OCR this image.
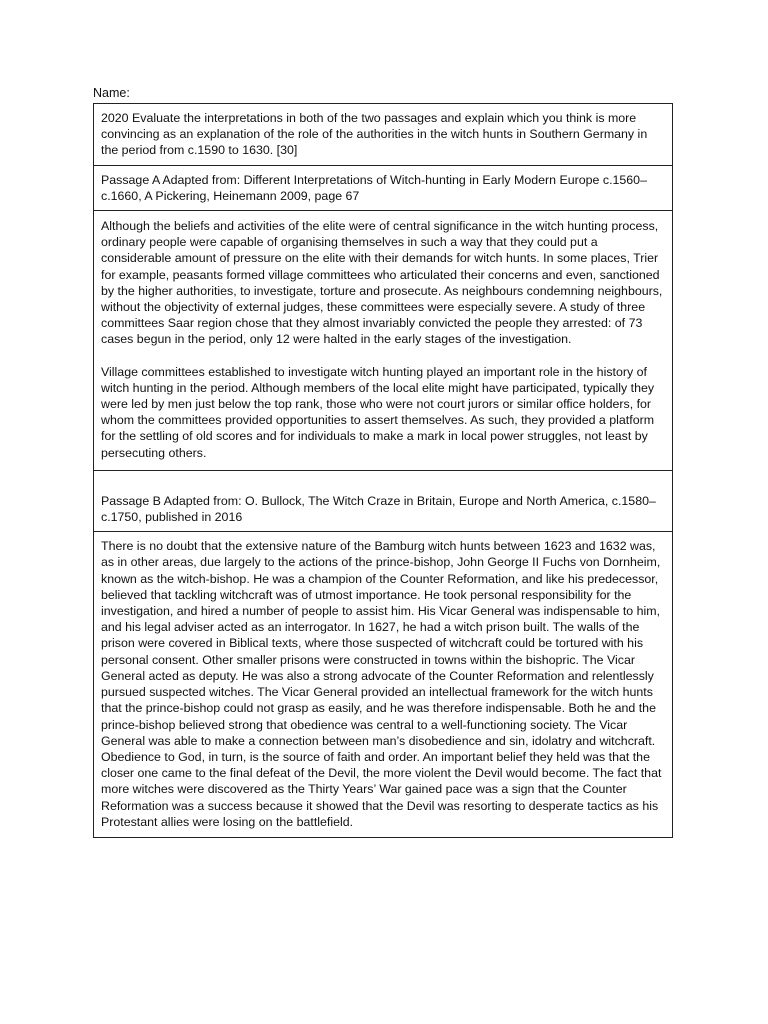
Name:

2020 Evaluate the interpretations in both of the two passages and explain which you think is more convincing as an explanation of the role of the authorities in the witch hunts in Southern Germany in the period from c.1590 to 1630. [30]

Passage A Adapted from: Different Interpretations of Witch-hunting in Early Modern Europe c.1560–c.1660, A Pickering, Heinemann 2009, page 67

Although the beliefs and activities of the elite were of central significance in the witch hunting process, ordinary people were capable of organising themselves in such a way that they could put a considerable amount of pressure on the elite with their demands for witch hunts. In some places, Trier for example, peasants formed village committees who articulated their concerns and even, sanctioned by the higher authorities, to investigate, torture and prosecute. As neighbours condemning neighbours, without the objectivity of external judges, these committees were especially severe. A study of three committees Saar region chose that they almost invariably convicted the people they arrested: of 73 cases begun in the period, only 12 were halted in the early stages of the investigation.

Village committees established to investigate witch hunting played an important role in the history of witch hunting in the period. Although members of the local elite might have participated, typically they were led by men just below the top rank, those who were not court jurors or similar office holders, for whom the committees provided opportunities to assert themselves. As such, they provided a platform for the settling of old scores and for individuals to make a mark in local power struggles, not least by persecuting others.

Passage B Adapted from: O. Bullock, The Witch Craze in Britain, Europe and North America, c.1580–c.1750, published in 2016

There is no doubt that the extensive nature of the Bamburg witch hunts between 1623 and 1632 was, as in other areas, due largely to the actions of the prince-bishop, John George II Fuchs von Dornheim, known as the witch-bishop. He was a champion of the Counter Reformation, and like his predecessor, believed that tackling witchcraft was of utmost importance. He took personal responsibility for the investigation, and hired a number of people to assist him. His Vicar General was indispensable to him, and his legal adviser acted as an interrogator. In 1627, he had a witch prison built. The walls of the prison were covered in Biblical texts, where those suspected of witchcraft could be tortured with his personal consent. Other smaller prisons were constructed in towns within the bishopric. The Vicar General acted as deputy. He was also a strong advocate of the Counter Reformation and relentlessly pursued suspected witches. The Vicar General provided an intellectual framework for the witch hunts that the prince-bishop could not grasp as easily, and he was therefore indispensable. Both he and the prince-bishop believed strong that obedience was central to a well-functioning society. The Vicar General was able to make a connection between man’s disobedience and sin, idolatry and witchcraft. Obedience to God, in turn, is the source of faith and order. An important belief they held was that the closer one came to the final defeat of the Devil, the more violent the Devil would become. The fact that more witches were discovered as the Thirty Years’ War gained pace was a sign that the Counter Reformation was a success because it showed that the Devil was resorting to desperate tactics as his Protestant allies were losing on the battlefield.
